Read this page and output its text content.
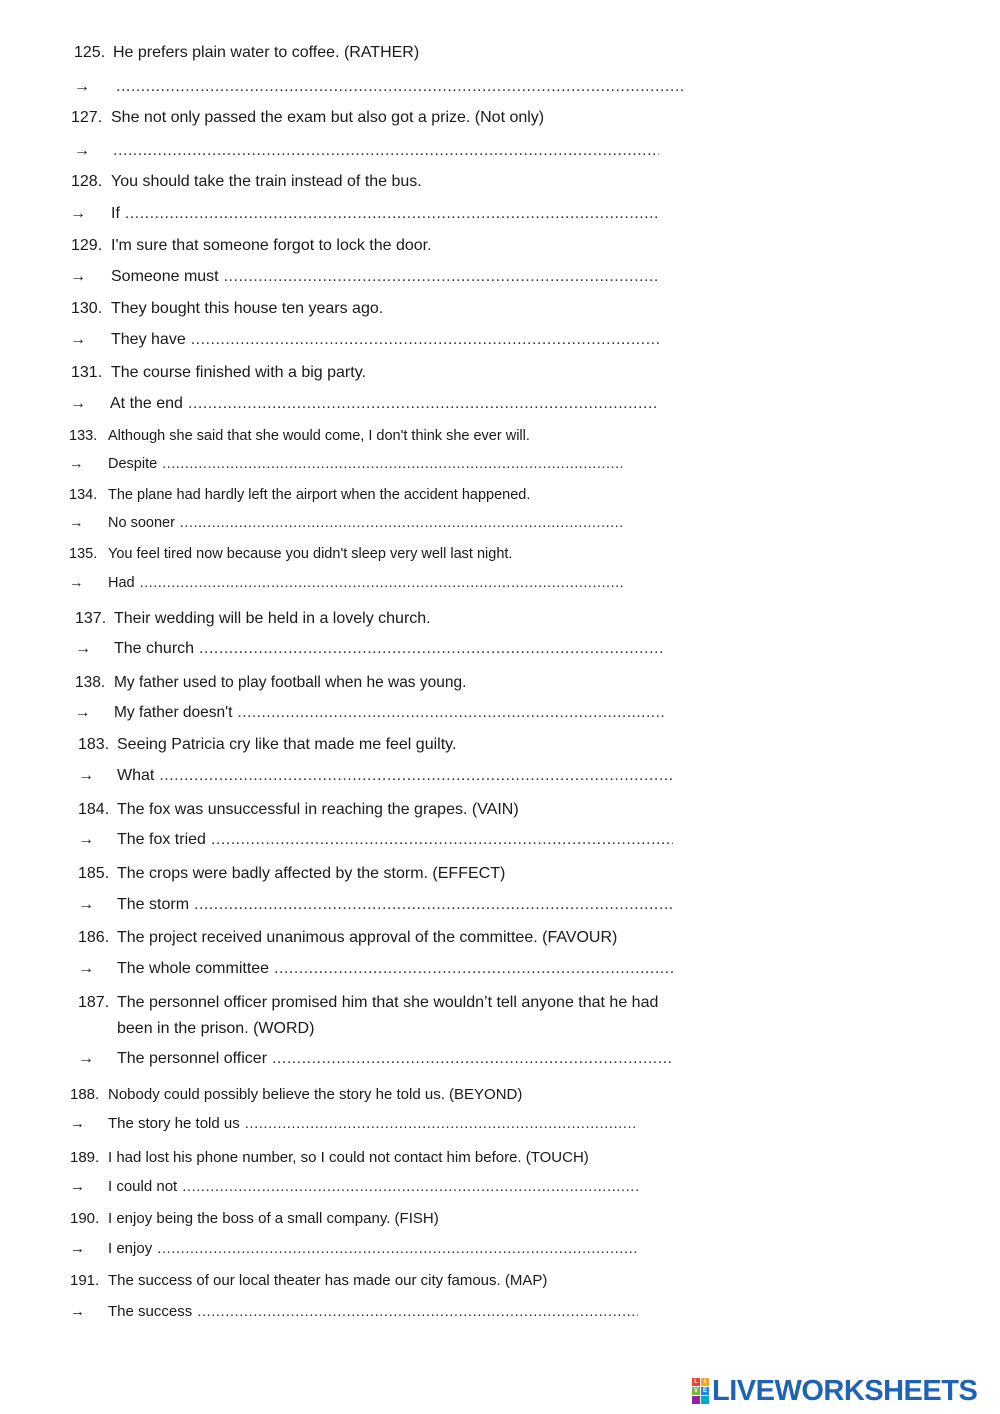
125. He prefers plain water to coffee. (RATHER)
→
.....
127. She not only passed the exam but also got a prize. (Not only)
→
.....
128. You should take the train instead of the bus.
→ If.....
129. I'm sure that someone forgot to lock the door.
→ Someone must.....
130. They bought this house ten years ago.
→ They have.....
131. The course finished with a big party.
→ At the end.....
133. Although she said that she would come, I don't think she ever will.
→ Despite.....
134. The plane had hardly left the airport when the accident happened.
→ No sooner.....
135. You feel tired now because you didn't sleep very well last night.
→ Had.....
137. Their wedding will be held in a lovely church.
→ The church.....
138. My father used to play football when he was young.
→ My father doesn't.....
183. Seeing Patricia cry like that made me feel guilty.
→ What.....
184. The fox was unsuccessful in reaching the grapes. (VAIN)
→ The fox tried.....
185. The crops were badly affected by the storm. (EFFECT)
→ The storm.....
186. The project received unanimous approval of the committee. (FAVOUR)
→ The whole committee.....
187. The personnel officer promised him that she wouldn’t tell anyone that he had
been in the prison. (WORD)
→ The personnel officer.....
188. Nobody could possibly believe the story he told us. (BEYOND)
→ The story he told us.....
189. I had lost his phone number, so I could not contact him before. (TOUCH)
→ I could not.....
190. I enjoy being the boss of a small company. (FISH)
→ I enjoy.....
191. The success of our local theater has made our city famous. (MAP)
→ The success.....
L	I
V E LIVEWORKSHEETS
